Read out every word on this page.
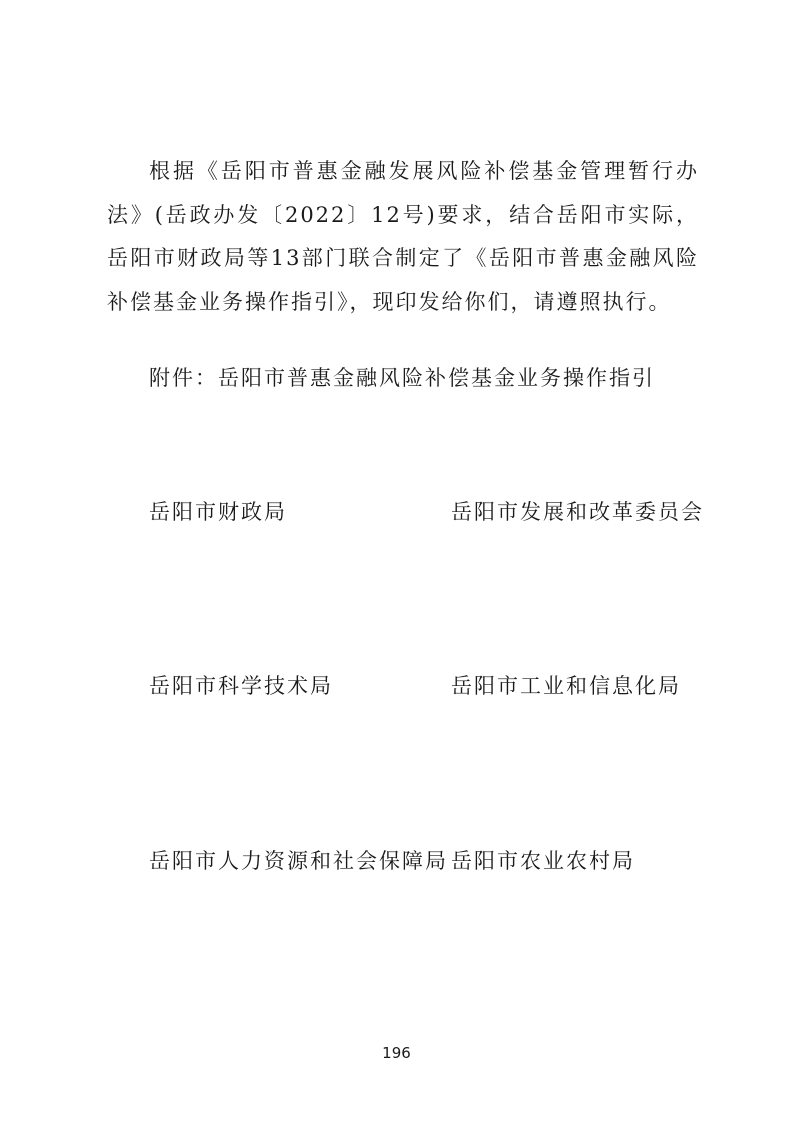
根据《岳阳市普惠金融发展风险补偿基金管理暂行办法》(岳政办发〔2022〕12号)要求，结合岳阳市实际，岳阳市财政局等13部门联合制定了《岳阳市普惠金融风险补偿基金业务操作指引》，现印发给你们，请遵照执行。

附件：岳阳市普惠金融风险补偿基金业务操作指引

岳阳市财政局	岳阳市发展和改革委员会

岳阳市科学技术局	岳阳市工业和信息化局

岳阳市人力资源和社会保障局 岳阳市农业农村局

196
